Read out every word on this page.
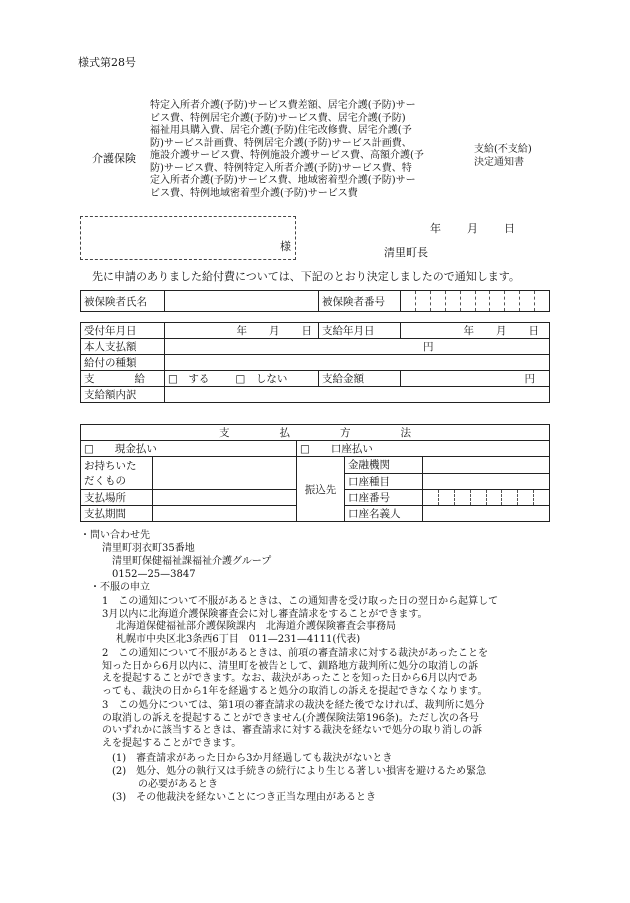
様式第28号
介護保険
特定入所者介護(予防)サービス費差額、居宅介護(予防)サー
ビス費、特例居宅介護(予防)サービス費、居宅介護(予防)
福祉用具購入費、居宅介護(予防)住宅改修費、居宅介護(予
防)サービス計画費、特例居宅介護(予防)サービス計画費、
施設介護サービス費、特例施設介護サービス費、高額介護(予
防)サービス費、特例特定入所者介護(予防)サービス費、特
定入所者介護(予防)サービス費、地域密着型介護(予防)サー
ビス費、特例地域密着型介護(予防)サービス費
支給(不支給)
決定通知書
様
年 月 日
清里町長
先に申請のありました給付費については、下記のとおり決定しましたので通知します。
被保険者氏名		被保険者番号	
受付年月日	年 月 日	支給年月日	年 月 日
本人支払額	円		
給付の種類			
支 給	□　する □　しない	支給金額	円
支給額内訳			
支 払 方 法				
□　　現金払い		□　　口座払い		

お持ちいた
だくもの		振込先	金融機関	
			口座種目	
支払場所			口座番号	

支払期間			口座名義人	
・問い合わせ先
清里町羽衣町35番地
清里町保健福祉課福祉介護グループ
0152—25—3847
・不服の申立
1　この通知について不服があるときは、この通知書を受け取った日の翌日から起算して
3月以内に北海道介護保険審査会に対し審査請求をすることができます。
北海道保健福祉部介護保険課内　北海道介護保険審査会事務局
札幌市中央区北3条西6丁目　011—231—4111(代表)
2　この通知について不服があるときは、前項の審査請求に対する裁決があったことを
知った日から6月以内に、清里町を被告として、釧路地方裁判所に処分の取消しの訴
えを提起することができます。なお、裁決があったことを知った日から6月以内であ
っても、裁決の日から1年を経過すると処分の取消しの訴えを提起できなくなります。
3　この処分については、第1項の審査請求の裁決を経た後でなければ、裁判所に処分
の取消しの訴えを提起することができません(介護保険法第196条)。ただし次の各号
のいずれかに該当するときは、審査請求に対する裁決を経ないで処分の取り消しの訴
えを提起することができます。
(1)　審査請求があった日から3か月経過しても裁決がないとき
(2)　処分、処分の執行又は手続きの続行により生じる著しい損害を避けるため緊急
の必要があるとき
(3)　その他裁決を経ないことにつき正当な理由があるとき
